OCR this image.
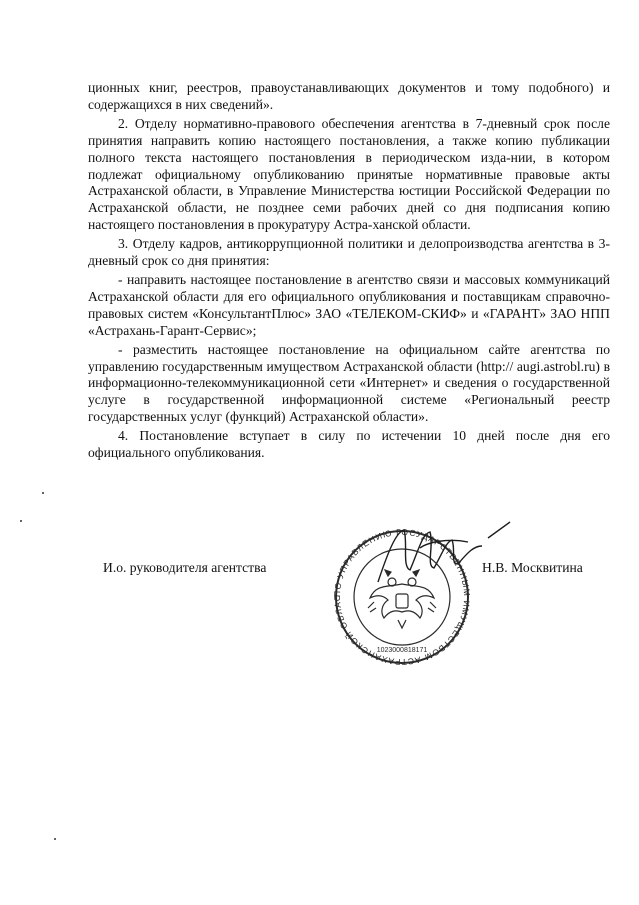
ционных книг, реестров, правоустанавливающих документов и тому подобного) и содержащихся в них сведений».

2. Отделу нормативно-правового обеспечения агентства в 7-дневный срок после принятия направить копию настоящего постановления, а также копию публикации полного текста настоящего постановления в периодическом изда-нии, в котором подлежат официальному опубликованию принятые нормативные правовые акты Астраханской области, в Управление Министерства юстиции Российской Федерации по Астраханской области, не позднее семи рабочих дней со дня подписания копию настоящего постановления в прокуратуру Астра-ханской области.

3. Отделу кадров, антикоррупционной политики и делопроизводства агентства в 3-дневный срок со дня принятия:

- направить настоящее постановление в агентство связи и массовых коммуникаций Астраханской области для его официального опубликования и поставщикам справочно-правовых систем «КонсультантПлюс» ЗАО «ТЕЛЕКОМ-СКИФ» и «ГАРАНТ» ЗАО НПП «Астрахань-Гарант-Сервис»;

- разместить настоящее постановление на официальном сайте агентства по управлению государственным имуществом Астраханской области (http:// augi.astrobl.ru) в информационно-телекоммуникационной сети «Интернет» и сведения о государственной услуге в государственной информационной системе «Региональный реестр государственных услуг (функций) Астраханской области».

4. Постановление вступает в силу по истечении 10 дней после дня его официального опубликования.

И.о. руководителя агентства	Н.В. Москвитина
ПО УПРАВЛЕНИЮ ГОСУДАРСТВЕННЫМ ИМУЩЕСТВОМ АСТРАХАНСКОЙ ОБЛАС
1023000818171
